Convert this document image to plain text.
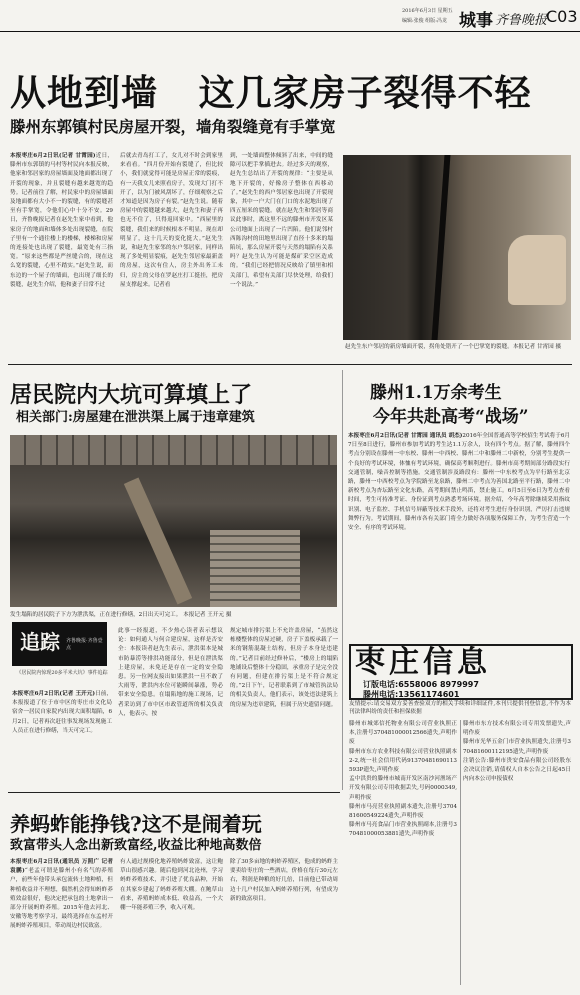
2016年6月3日 星期五
编辑:张俊 组版:冯龙 城事 齐鲁晚报
C03
从地到墙   这几家房子裂得不轻
滕州东郭镇村民房屋开裂，墙角裂缝竟有手掌宽
本报枣庄6月2日讯(记者 甘霄园)近日，滕州市东郭镇的马村等村民向本报反映，他家和邻居家的房屋墙面及地面都出现了开裂的现象，并且裂缝有越来越宽的趋势。记者前往了解，村民家中的房屋墙面及地面都有大小不一的裂缝，有的裂缝甚至有手掌宽，令他们心中十分不安。29日，齐鲁晚报记者在赵先生家中看到，他家房子的地面和墙体多处出现裂缝，在院子里有一个通往楼上的楼梯，楼梯和房屋的连接处也出现了裂缝，最宽处有三指宽。“原来这些都是严丝缝合的，现在这么宽的裂缝，心里不踏实。”赵先生说，而东边的一个屋子的墙面，也出现了细长的裂缝，赵先生介绍，他和妻子日常不过
后就去青岛打工了，女儿对不时会到家里来看看。“四月份开始有裂缝了，但比较小，我们就觉得可能是房屋正常的裂痕，有一天我女儿来照看房子，发现大门打不开了，以为门被风刮坏了，仔细观察之后才知道是因为房子有裂。”赵先生说。随着房屋中的裂缝越来越大，赵先生和妻子再也无不住了，只得返回家中。“西屋里的裂缝，我们来的时候根本不明显，现在却明显了，这十几天的变化挺大。”赵先生说，和赵先生家邻的东户邻居家，同样出现了多处明显裂痕，赵先生邻居家最新盖的房屋，这次有住人，房主外出务工未归，房主的父母在罗赵庄打工挺挂，把房屋支撑起来。记者看
到，一处墙面整体倾斜了出来，中间的缝隙可以把手掌插进去。经过多天的观察，赵先生总结出了开裂的规律：“主要是从地下开裂的，好像房子整体在西移动了。”赵先生的西户邻居家也出现了开裂现象，其中一户大门在门口的水泥地出现了四五厘米的裂缝。就在赵先生和邻居等商议此事时，离这里不远的滕州市开发区某公司地面上出现了一片凹陷。他们说邻村西陈沟村的田地里出现了直径十多米的塌陷坑，那么房屋开裂与天然的塌陷有关系吗？赵先生认为可能是煤矿采空区造成的。“我们已经把情况反映给了镇里和相关部门，希望有关部门尽快处理，给我们一个说法。”
赵先生东户邻居的新房墙面开裂，拐角处错开了一个巴掌宽的裂缝。本报记者 甘霄园 摄
居民院内大坑可算填上了
相关部门:房屋建在泄洪渠上属于违章建筑
发生塌陷的居民院子下方为泄洪渠，正在进行修缮，2日出天可完工。 本报记者 王开元 摄
追踪 齐鲁晚报·齐鲁壹点
《居民院内惊现20多平米大坑》事件追踪
本报枣庄6月2日讯(记者 王开元)日前，本报报道了位于市中区的枣庄市文化局宿舍一居民自家院内出现大面积塌陷，6月2日，记者再次赶往事发现场发现施工人员正在进行修缮，当天可完工。
此事一经报道，不少热心读者表示想议论：如何通人与何合建房屋，这样是否安全：本报读者赵先生表示，泄洪渠本是城市防暴涝等排洪功能部分，但是在泄洪渠上建房屋，未免还是存在一定的安全隐患。另一位网友接出如果泄洪一旦不敢了大雨等，泄洪内水位可能瞬间暴涨，势必带来安全隐患。在塌陷地的施工现场，记者采访到了市中区市政管道所的相关负责人，他表示，按
规定城市排污渠上不允许盖房屋，“虽然这栋楼整体的房屋过硬，房子下盖板承载了一米的钢筋混凝土结构，但房子本身是违建的。”记者目前经过修补后，“楼房上的塌陷地铺设后整体十分稳固，承重房子是完全没有问题，但建在排污渠上是不符合规定的。”2日下午，记者联系到了市城管执法局的相关负责人，他们表示，该处违法建筑上的房屋为违章建筑，但属于历史遗留问题。
滕州1.1万余考生
今年共赴高考“战场”
本报枣庄6月2日讯(记者 甘霄园 通讯员 胡杰)2016年全国普通高等学校招生考试将于6月7日至8日进行，滕州市参加考试的考生达1.1万余人，设有四个考点。据了解，滕州四个考点分别设在滕州一中东校、滕州一中西校、滕州二中和滕州二中新校，分别考生提供一个良好的考试环境，体恤有考试环境，确保高考顺利进行。滕州市高考期间部分路段实行交通管制，噪音控制等措施。交通管制涉及路段有：滕州一中东校考点为平行路至北京路，滕州一中西校考点为学院路至龙泉路，滕州二中考点为善国北路至平行路，滕州二中新校考点为杏坛路至文化东路，高考期间禁止鸣笛，禁止施工。6月5日至6日为考点查看时间，考生可持准考证、身份证到考点熟悉考场环境。据介绍，今年高考除继续采用指纹识别、电子监控、手机信号屏蔽等技术手段外，还将对考生进行身份识别，严厉打击违规舞弊行为。考试期间，滕州市各有关部门将全力做好各项服务保障工作，为考生营造一个安全、有序的考试环境。
枣庄信息
订版电话:6558006 8979997
滕州电话:13561174601
友情提示:请交易双方妥善查验双方的相关手续和详细证件,本刊只提供刊登信息,不作为本刊法律纠纷的责任和担保依据
滕州市城郊信托物业有限公司营业执照正本,注册号370481000012566遗失,声明作废
滕州市东方农业科技有限公司营业执照副本2-2,统一社会信用代码91370481690113593P遗失,声明作废
孟中洪贵的滕州市城南开发区南沙河渔场产开发有限公司专用收据丢失,号码0000349,声明作废
滕州市马亮营业执照副本遗失,注册号370481600549224遗失,声明作废
滕州市马亮食品门市营业执照副本,注册号370481000053881遗失,声明作废
滕州市东方技术有限公司专用发票遗失,声明作废
滕州市光华五金门市营业执照遗失,注册号370481600112195遗失,声明作废
注销公告:滕州市贵安食品有限公司经股东会决议注销,请债权人自本公告之日起45日内向本公司申报债权
养蚂蚱能挣钱?这不是闹着玩
致富带头人念出新致富经,收益比种地高数倍
本报枣庄6月2日讯(通讯员 万照广 记者 袁鹏)“老孟可谓是滕州小有名气的养殖户，前些年他带头承包流转土地种植，但种植收益并不理想，偶然机会得知蚂蚱养殖效益很好，他决定把承包的土地拿出一部分开展蚂蚱养殖。2015年他去河北、安徽等地考察学习，最终选择在东孟村开展蚂蚱养殖项目，带动周边村民致富。
有人通过规模化地养殖蚂蚱致富，这让鲍草山很感兴趣。随后他到河北沧州，学习蚂蚱养殖技术，并引进了优良品种，开始在其家乡建起了蚂蚱养殖大棚。在鲍草山看来，养殖蚂蚱成本低、收益高，一个大棚一年能养殖三季，收入可观。
除了30多亩地的蚂蚱养殖区，他成的蚂蚱主要卖给枣庄的一些酒店，价格在每斤30元左右，利润是种粮的好几倍，目前他已带动周边十几户村民加入蚂蚱养殖行列，有望成为新的致富项目。
